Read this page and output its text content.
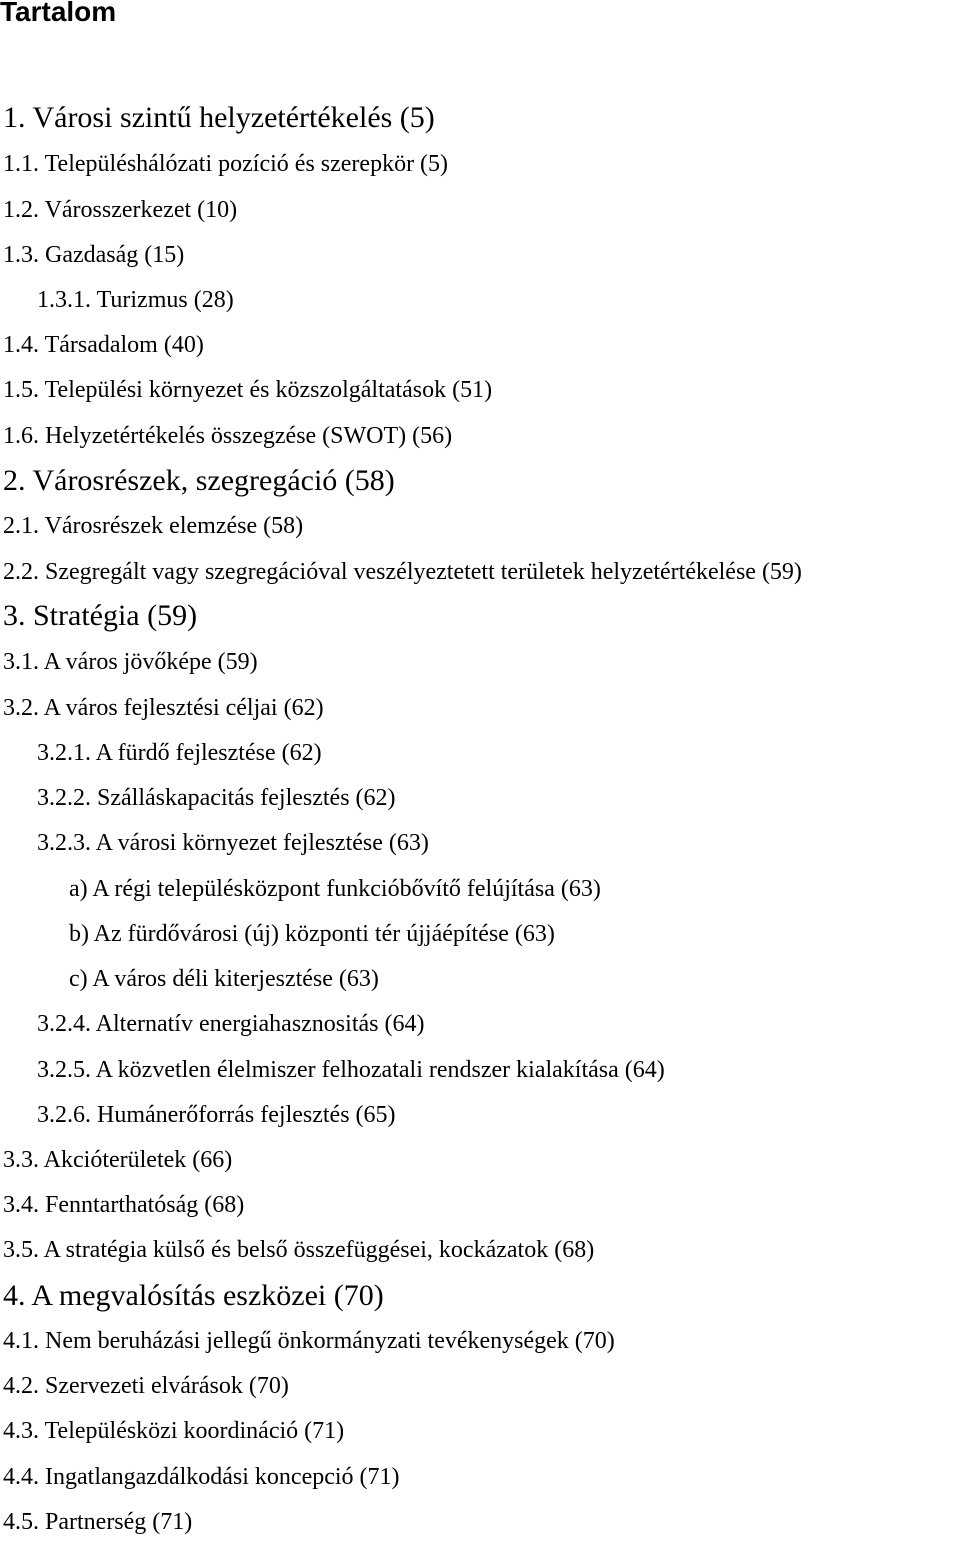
Tartalom
1. Városi szintű helyzetértékelés (5)
1.1. Településhálózati pozíció és szerepkör (5)
1.2. Városszerkezet (10)
1.3. Gazdaság (15)
1.3.1. Turizmus (28)
1.4. Társadalom (40)
1.5. Települési környezet és közszolgáltatások (51)
1.6. Helyzetértékelés összegzése (SWOT) (56)
2. Városrészek, szegregáció (58)
2.1. Városrészek elemzése (58)
2.2. Szegregált vagy szegregációval veszélyeztetett területek helyzetértékelése (59)
3. Stratégia (59)
3.1. A város jövőképe (59)
3.2. A város fejlesztési céljai (62)
3.2.1. A fürdő fejlesztése (62)
3.2.2. Szálláskapacitás fejlesztés (62)
3.2.3. A városi környezet fejlesztése (63)
a) A régi településközpont funkcióbővítő felújítása (63)
b) Az fürdővárosi (új) központi tér újjáépítése (63)
c) A város déli kiterjesztése (63)
3.2.4. Alternatív energiahasznositás (64)
3.2.5. A közvetlen élelmiszer felhozatali rendszer kialakítása (64)
3.2.6. Humánerőforrás fejlesztés (65)
3.3. Akcióterületek (66)
3.4. Fenntarthatóság (68)
3.5. A stratégia külső és belső összefüggései, kockázatok (68)
4. A megvalósítás eszközei (70)
4.1. Nem beruházási jellegű önkormányzati tevékenységek (70)
4.2. Szervezeti elvárások (70)
4.3. Településközi koordináció (71)
4.4. Ingatlangazdálkodási koncepció (71)
4.5. Partnerség (71)
